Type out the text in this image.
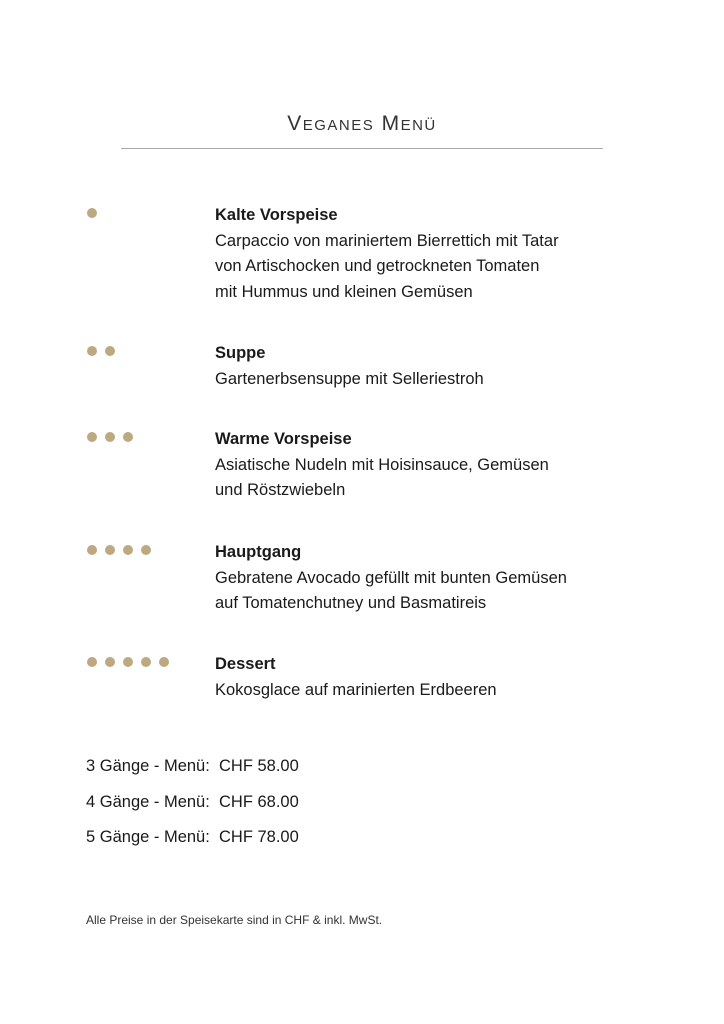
Veganes Menü
Kalte Vorspeise
Carpaccio von mariniertem Bierrettich mit Tatar
von Artischocken und getrockneten Tomaten
mit Hummus und kleinen Gemüsen
Suppe
Gartenerbsensuppe mit Selleriestroh
Warme Vorspeise
Asiatische Nudeln mit Hoisinsauce, Gemüsen
und Röstzwiebeln
Hauptgang
Gebratene Avocado gefüllt mit bunten Gemüsen
auf Tomatenchutney und Basmatireis
Dessert
Kokosglace auf marinierten Erdbeeren
3 Gänge - Menü:  CHF 58.00
4 Gänge - Menü:  CHF 68.00
5 Gänge - Menü:  CHF 78.00
Alle Preise in der Speisekarte sind in CHF & inkl. MwSt.
